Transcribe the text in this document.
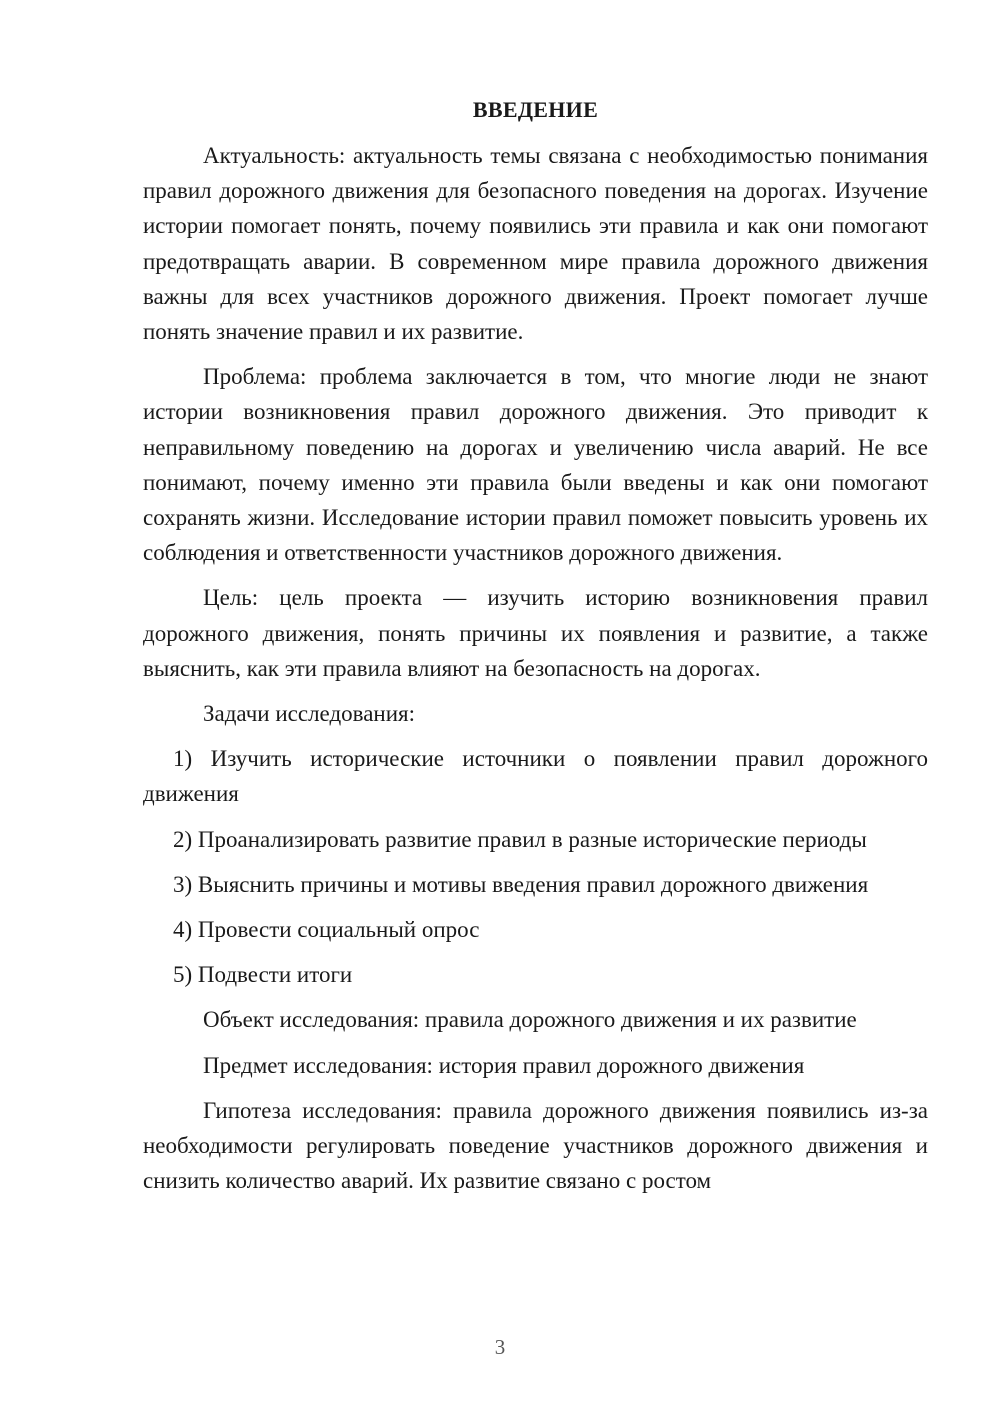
ВВЕДЕНИЕ

Актуальность: актуальность темы связана с необходимостью понимания правил дорожного движения для безопасного поведения на дорогах. Изучение истории помогает понять, почему появились эти правила и как они помогают предотвращать аварии. В современном мире правила дорожного движения важны для всех участников дорожного движения. Проект помогает лучше понять значение правил и их развитие.

Проблема: проблема заключается в том, что многие люди не знают истории возникновения правил дорожного движения. Это приводит к неправильному поведению на дорогах и увеличению числа аварий. Не все понимают, почему именно эти правила были введены и как они помогают сохранять жизни. Исследование истории правил поможет повысить уровень их соблюдения и ответственности участников дорожного движения.

Цель: цель проекта — изучить историю возникновения правил дорожного движения, понять причины их появления и развитие, а также выяснить, как эти правила влияют на безопасность на дорогах.

Задачи исследования:

1) Изучить исторические источники о появлении правил дорожного движения

2) Проанализировать развитие правил в разные исторические периоды

3) Выяснить причины и мотивы введения правил дорожного движения

4) Провести социальный опрос

5) Подвести итоги

Объект исследования: правила дорожного движения и их развитие

Предмет исследования: история правил дорожного движения

Гипотеза исследования: правила дорожного движения появились из-за необходимости регулировать поведение участников дорожного движения и снизить количество аварий. Их развитие связано с ростом

3
